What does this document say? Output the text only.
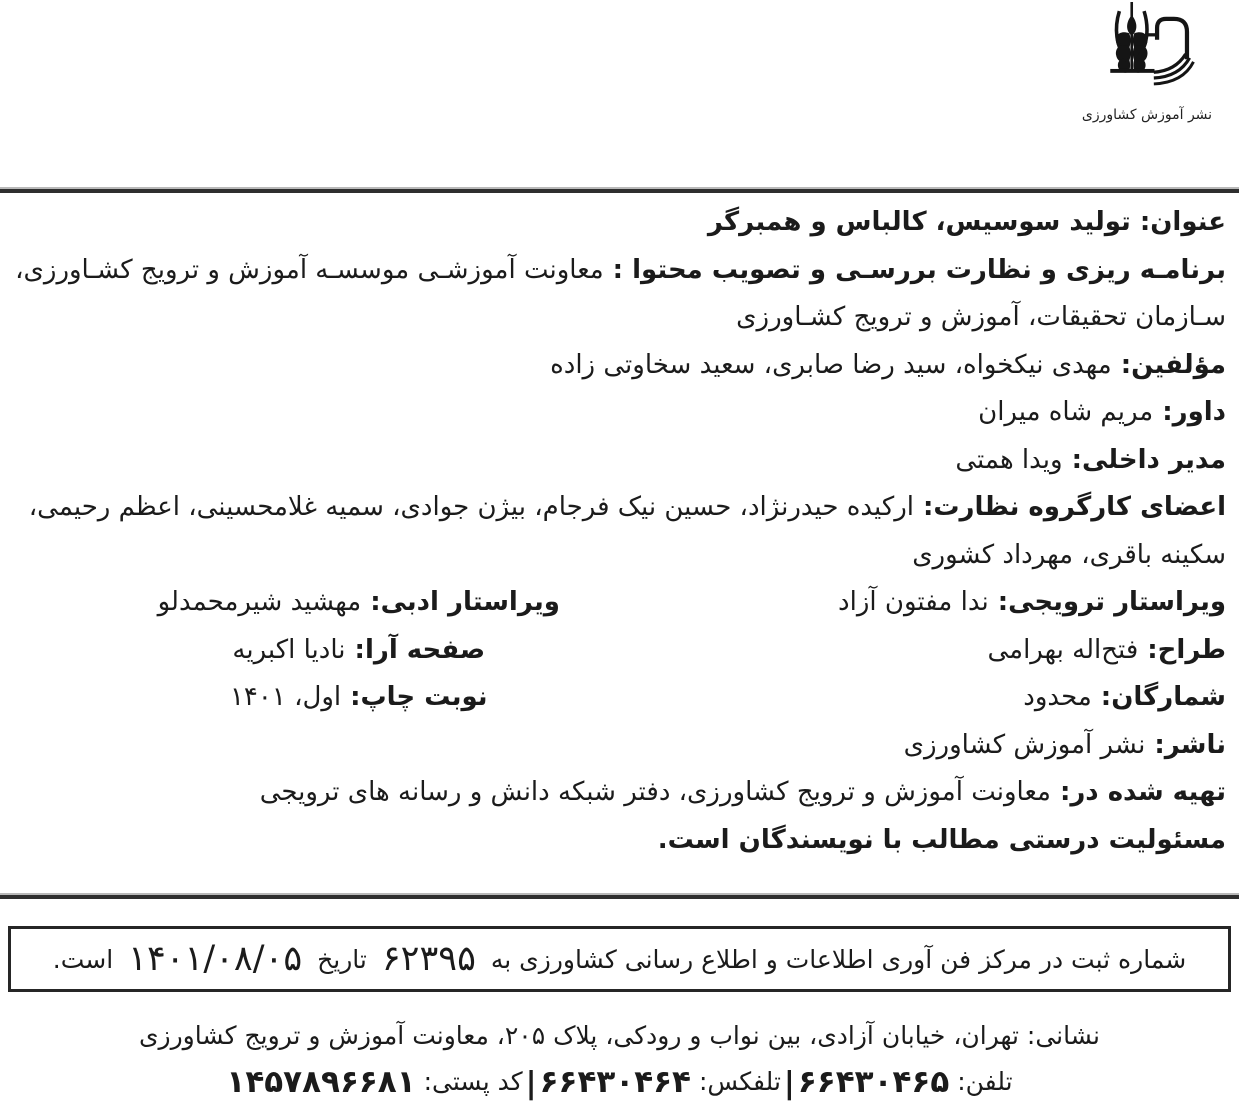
نشر آموزش کشاورزی
عنوان:تولید سوسیس، کالباس و همبرگر
برنامـه ریزی و نظارت بررسـی و تصویب محتوا :معاونت آموزشـی موسسـه آموزش و ترویج کشـاورزی،
سـازمان تحقیقات، آموزش و ترویج کشـاورزی
مؤلفین:مهدی نیکخواه، سید رضا صابری، سعید سخاوتی زاده
داور:مریم شاه میران
مدیر داخلی:ویدا همتی
اعضای کارگروه نظارت:ارکیده حیدرنژاد، حسین نیک فرجام، بیژن جوادی، سمیه غلامحسینی، اعظم رحیمی،
سکینه باقری، مهرداد کشوری
ویراستار ترویجی:ندا مفتون آزاد
ویراستار ادبی:مهشید شیرمحمدلو
طراح:فتح‌اله بهرامی
صفحه آرا:نادیا اکبریه
شمارگان:محدود
نوبت چاپ:اول، ۱۴۰۱
ناشر:نشر آموزش کشاورزی
تهیه شده در:معاونت آموزش و ترویج کشاورزی، دفتر شبکه دانش و رسانه های ترویجی
مسئولیت درستی مطالب با نویسندگان است.
شماره ثبت در مرکز فن آوری اطلاعات و اطلاع رسانی کشاورزی به
۶۲۳۹۵
تاریخ
۱۴۰۱/۰۸/۰۵
است.
نشانی: تهران، خیابان آزادی، بین نواب و رودکی، پلاک ۲۰۵، معاونت آموزش و ترویج کشاورزی
تلفن: ۶۶۴۳۰۴۶۵|تلفکس: ۶۶۴۳۰۴۶۴|کد پستی: ۱۴۵۷۸۹۶۶۸۱
